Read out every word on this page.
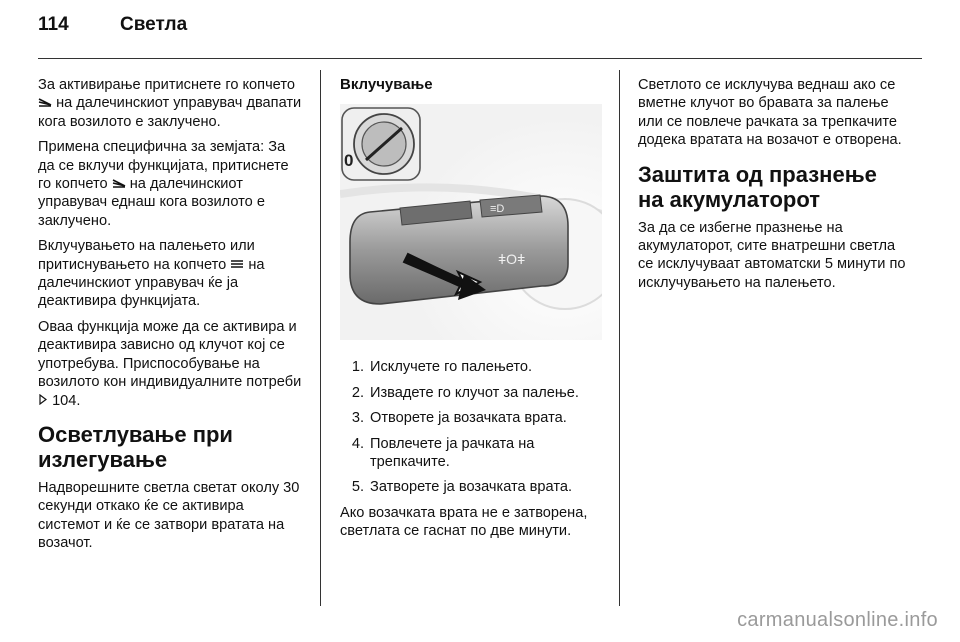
114	Светла

За активирање притиснете го копчето  на далечинскиот управувач двапати кога возилото е заклучено.

Примена специфична за земјата: За да се вклучи функцијата, притиснете го копчето на далечинскиот управувач еднаш кога возилото е заклучено.

Вклучувањето на палењето или притиснувањето на копчето на далечинскиот управувач ќе ја деактивира функцијата.

Оваа функција може да се активира и деактивира зависно од клучот кој се употребува. Приспособување на возилото кон индивидуалните потреби  104.

Осветлување при излегување

Надворешните светла светат околу 30 секунди откако ќе се активира системот и ќе се затвори вратата на возачот.

Вклучување
0
≡D
ǂOǂ
1. Исклучете го палењето.
2. Извадете го клучот за палење.
3. Отворете ја возачката врата.
4. Повлечете ја рачката на трепкачите.
5. Затворете ја возачката врата.

Ако возачката врата не е затворена, светлата се гаснат по две минути.

Светлото се исклучува веднаш ако се вметне клучот во бравата за палење или се повлече рачката за трепкачите додека вратата на возачот е отворена.

Заштита од празнење на акумулаторот

За да се избегне празнење на акумулаторот, сите внатрешни светла се исклучуваат автоматски 5 минути по исклучувањето на палењето.

carmanualsonline.info
